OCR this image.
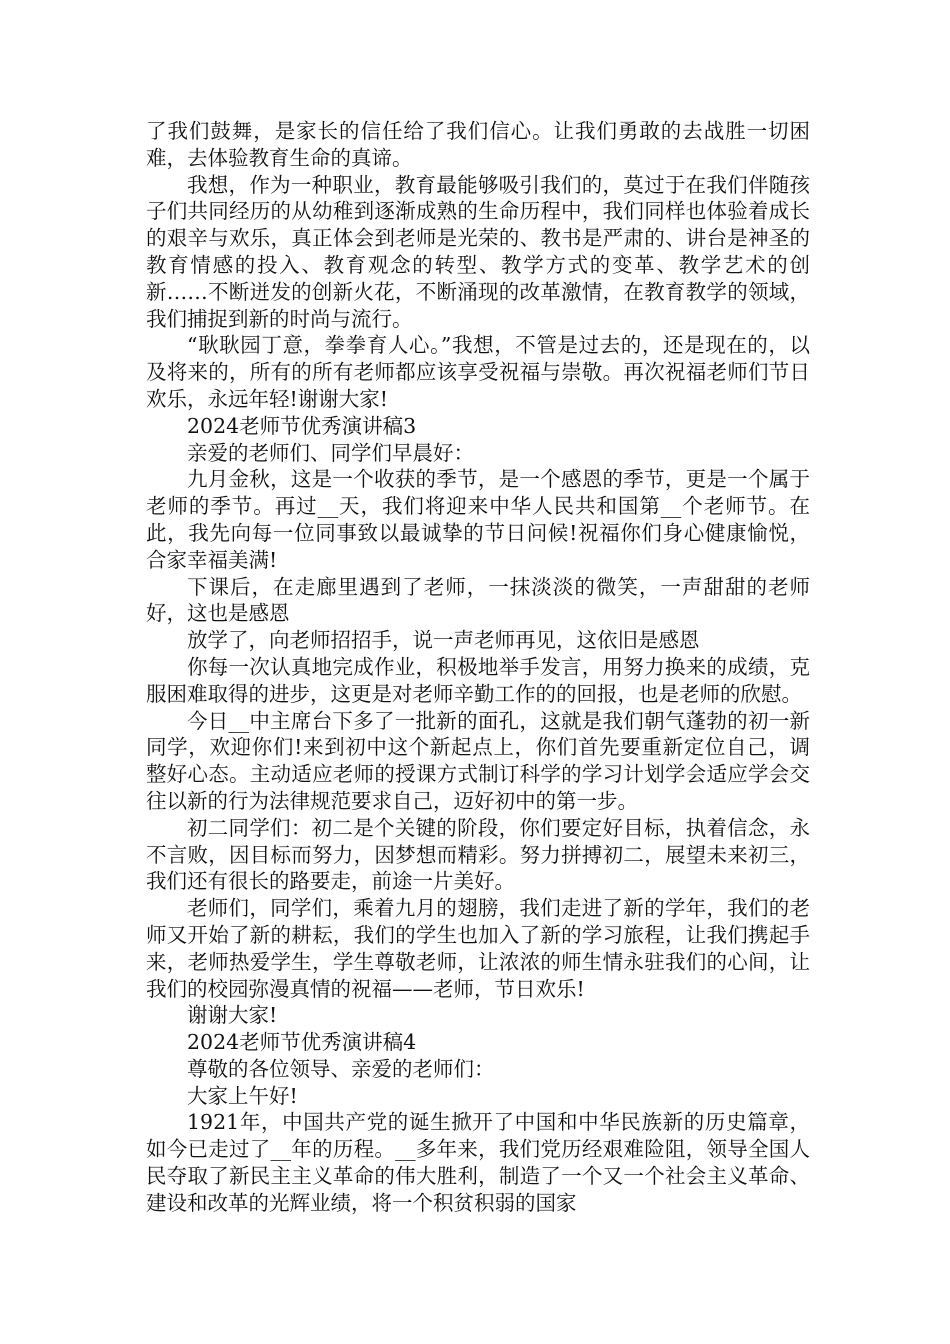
了我们鼓舞，是家长的信任给了我们信心。让我们勇敢的去战胜一切困难，去体验教育生命的真谛。

我想，作为一种职业，教育最能够吸引我们的，莫过于在我们伴随孩子们共同经历的从幼稚到逐渐成熟的生命历程中，我们同样也体验着成长的艰辛与欢乐，真正体会到老师是光荣的、教书是严肃的、讲台是神圣的教育情感的投入、教育观念的转型、教学方式的变革、教学艺术的创新……不断迸发的创新火花，不断涌现的改革激情，在教育教学的领域，我们捕捉到新的时尚与流行。

“耿耿园丁意，拳拳育人心。”我想，不管是过去的，还是现在的，以及将来的，所有的所有老师都应该享受祝福与崇敬。再次祝福老师们节日欢乐，永远年轻!谢谢大家!

2024老师节优秀演讲稿3

亲爱的老师们、同学们早晨好：

九月金秋，这是一个收获的季节，是一个感恩的季节，更是一个属于老师的季节。再过__天，我们将迎来中华人民共和国第__个老师节。在此，我先向每一位同事致以最诚挚的节日问候!祝福你们身心健康愉悦，合家幸福美满!

下课后，在走廊里遇到了老师，一抹淡淡的微笑，一声甜甜的老师好，这也是感恩

放学了，向老师招招手，说一声老师再见，这依旧是感恩

你每一次认真地完成作业，积极地举手发言，用努力换来的成绩，克服困难取得的进步，这更是对老师辛勤工作的的回报，也是老师的欣慰。

今日__中主席台下多了一批新的面孔，这就是我们朝气蓬勃的初一新同学，欢迎你们!来到初中这个新起点上，你们首先要重新定位自己，调整好心态。主动适应老师的授课方式制订科学的学习计划学会适应学会交往以新的行为法律规范要求自己，迈好初中的第一步。

初二同学们：初二是个关键的阶段，你们要定好目标，执着信念，永不言败，因目标而努力，因梦想而精彩。努力拼搏初二，展望未来初三，我们还有很长的路要走，前途一片美好。

老师们，同学们，乘着九月的翅膀，我们走进了新的学年，我们的老师又开始了新的耕耘，我们的学生也加入了新的学习旅程，让我们携起手来，老师热爱学生，学生尊敬老师，让浓浓的师生情永驻我们的心间，让我们的校园弥漫真情的祝福——老师，节日欢乐!

谢谢大家!

2024老师节优秀演讲稿4

尊敬的各位领导、亲爱的老师们：

大家上午好!

1921年，中国共产党的诞生掀开了中国和中华民族新的历史篇章，如今已走过了__年的历程。__多年来，我们党历经艰难险阻，领导全国人民夺取了新民主主义革命的伟大胜利，制造了一个又一个社会主义革命、建设和改革的光辉业绩，将一个积贫积弱的国家
